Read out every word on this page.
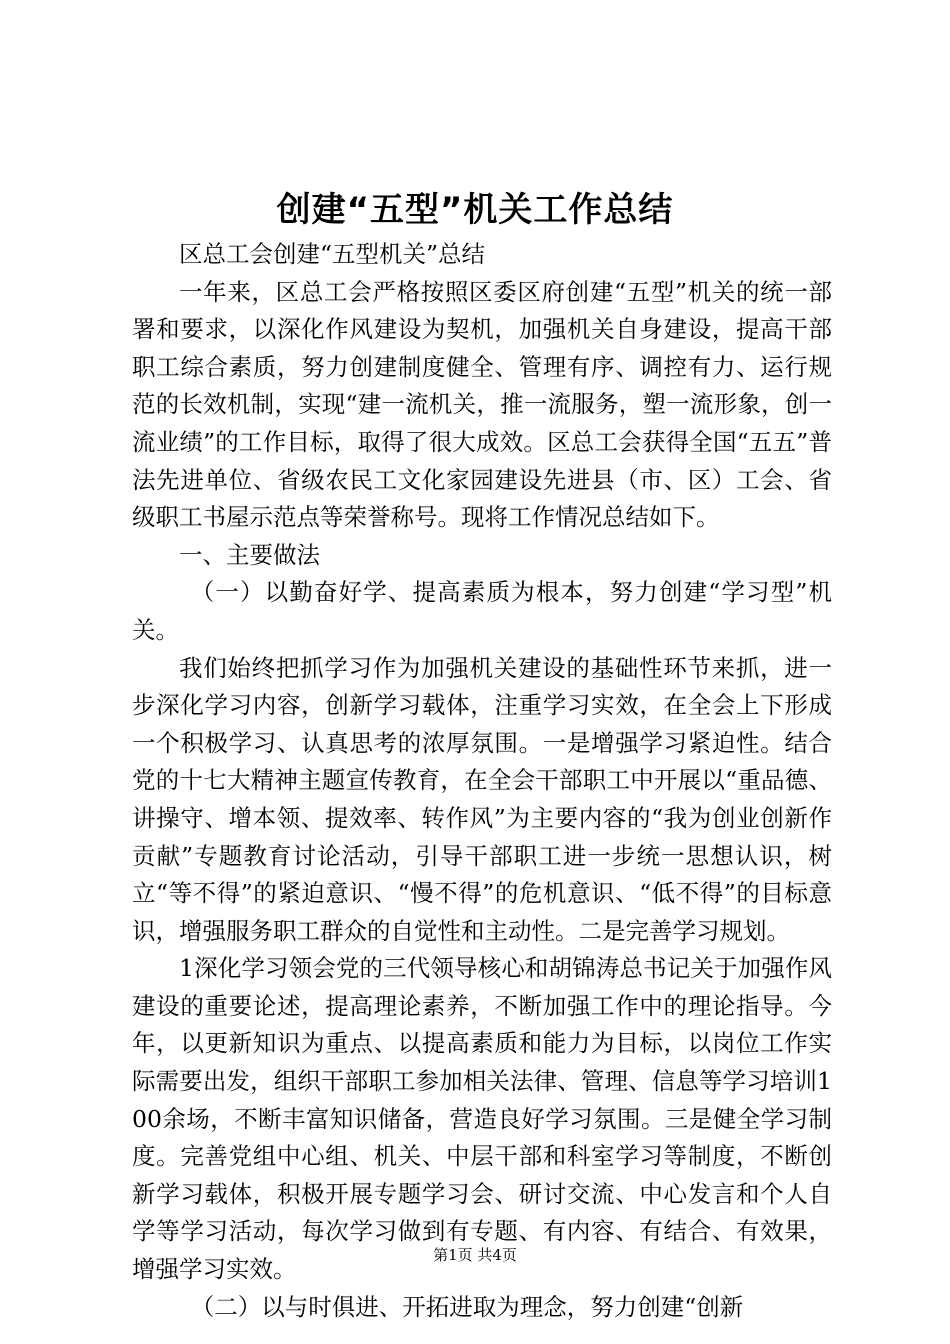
创建“五型”机关工作总结

区总工会创建“五型机关”总结

一年来，区总工会严格按照区委区府创建“五型”机关的统一部署和要求，以深化作风建设为契机，加强机关自身建设，提高干部职工综合素质，努力创建制度健全、管理有序、调控有力、运行规范的长效机制，实现“建一流机关，推一流服务，塑一流形象，创一流业绩”的工作目标，取得了很大成效。区总工会获得全国“五五”普法先进单位、省级农民工文化家园建设先进县（市、区）工会、省级职工书屋示范点等荣誉称号。现将工作情况总结如下。

一、主要做法

（一）以勤奋好学、提高素质为根本，努力创建“学习型”机关。

我们始终把抓学习作为加强机关建设的基础性环节来抓，进一步深化学习内容，创新学习载体，注重学习实效，在全会上下形成一个积极学习、认真思考的浓厚氛围。一是增强学习紧迫性。结合党的十七大精神主题宣传教育，在全会干部职工中开展以“重品德、讲操守、增本领、提效率、转作风”为主要内容的“我为创业创新作贡献”专题教育讨论活动，引导干部职工进一步统一思想认识，树立“等不得”的紧迫意识、“慢不得”的危机意识、“低不得”的目标意识，增强服务职工群众的自觉性和主动性。二是完善学习规划。

1深化学习领会党的三代领导核心和胡锦涛总书记关于加强作风建设的重要论述，提高理论素养，不断加强工作中的理论指导。今年，以更新知识为重点、以提高素质和能力为目标，以岗位工作实际需要出发，组织干部职工参加相关法律、管理、信息等学习培训100余场，不断丰富知识储备，营造良好学习氛围。三是健全学习制度。完善党组中心组、机关、中层干部和科室学习等制度，不断创新学习载体，积极开展专题学习会、研讨交流、中心发言和个人自学等学习活动，每次学习做到有专题、有内容、有结合、有效果，增强学习实效。

（二）以与时俱进、开拓进取为理念，努力创建“创新

第1页 共4页
